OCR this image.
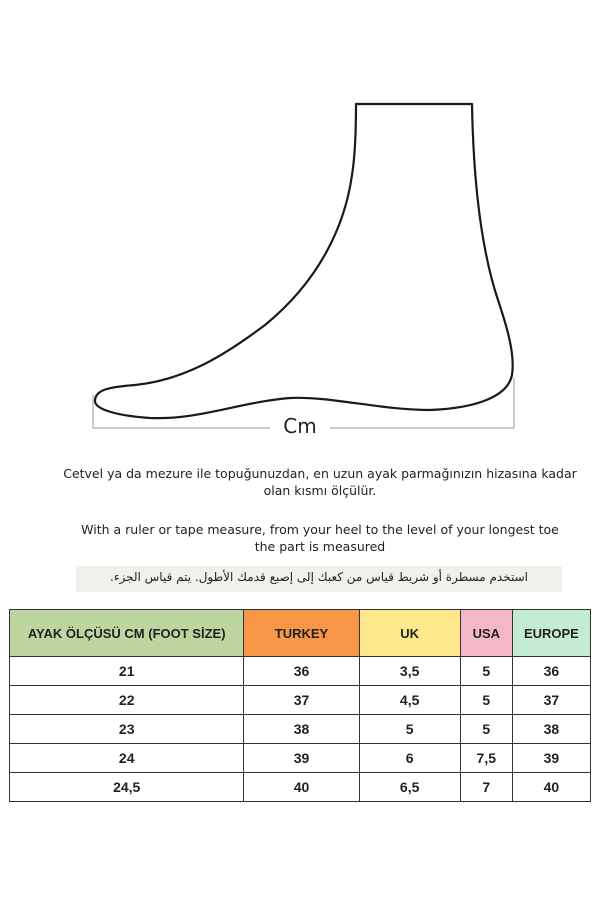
Cm
Cetvel ya da mezure ile topuğunuzdan, en uzun ayak parmağınızın hizasına kadar
olan kısmı ölçülür.
With a ruler or tape measure, from your heel to the level of your longest toe
the part is measured
استخدم مسطرة أو شريط قياس من كعبك إلى إصبع قدمك الأطول. يتم قياس الجزء.
AYAK ÖLÇÜSÜ CM (FOOT SİZE)	TURKEY	UK	USA	EUROPE
21	36	3,5	5	36
22	37	4,5	5	37
23	38	5	5	38
24	39	6	7,5	39
24,5	40	6,5	7	40
